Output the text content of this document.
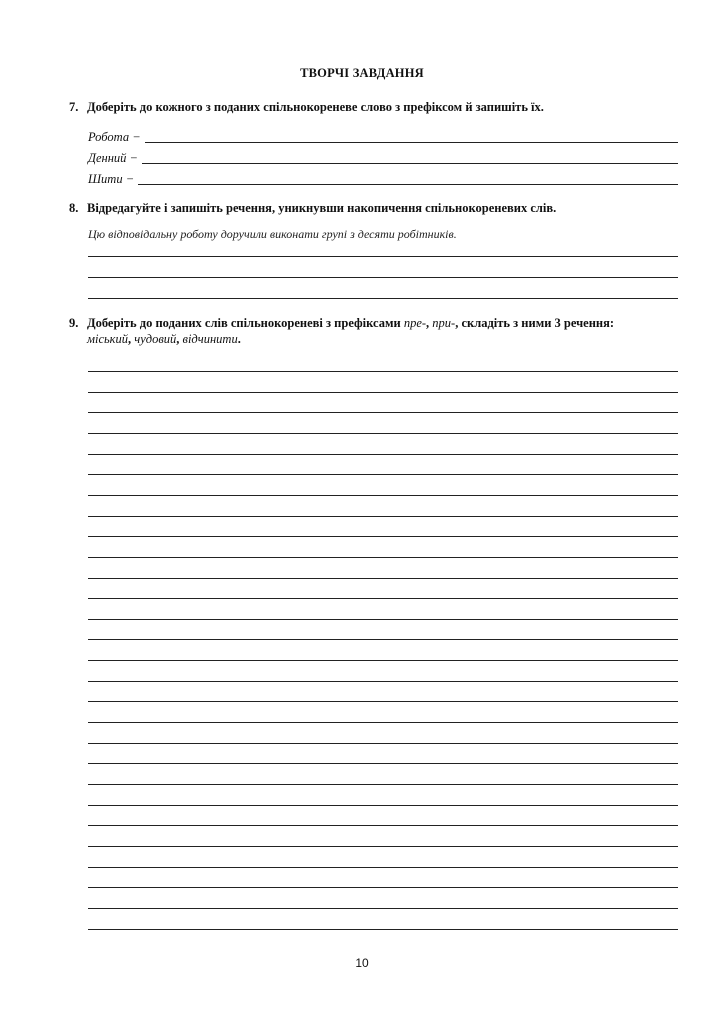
ТВОРЧІ ЗАВДАННЯ
7. Доберіть до кожного з поданих спільнокореневе слово з префіксом й запишіть їх.
Робота −
Денний −
Шити −
8. Відредагуйте і запишіть речення, уникнувши накопичення спільнокореневих слів.
Цю відповідальну роботу доручили виконати групі з десяти робітників.
9. Доберіть до поданих слів спільнокореневі з префіксами пре-, при-, складіть з ними 3 речення:
міський, чудовий, відчинити.
10
